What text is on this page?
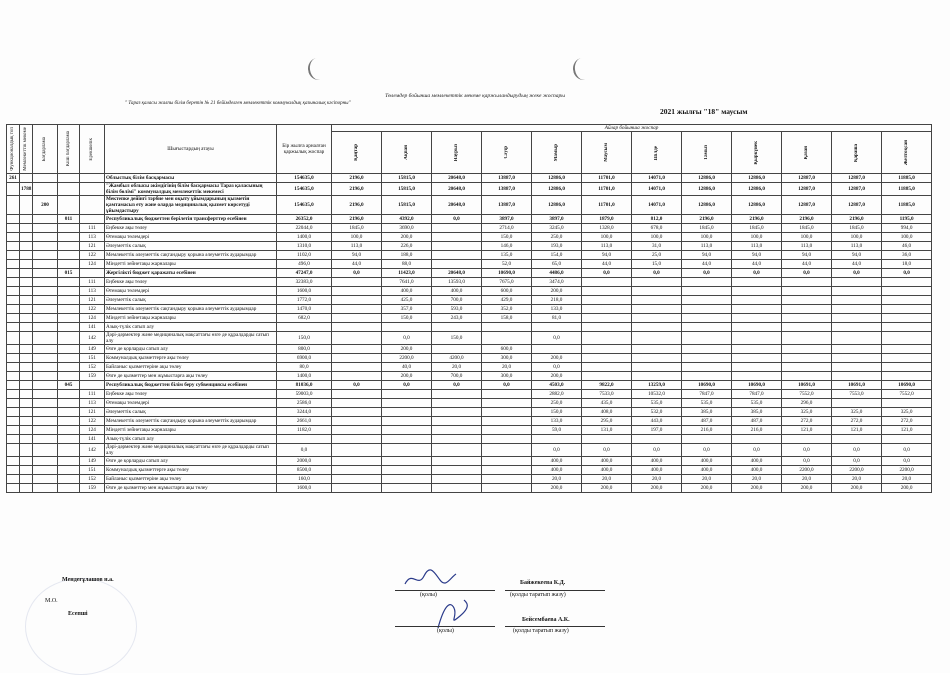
Төлемдер бойынша мемлекеттік мекеме қаржыландырудың жеке жоспары
" Тарaз қаласы жалпы білім беретін № 21 бейімделген мемлекеттік коммуналдық қазыналық кәсіпорны"
2021 жылғы "18" маусым
Функционалдық топ	Мемлекеттік мекеме	Бағдарлама	Кіші бағдарлама	Ерекшелік	Шығыстардың атауы	Бір жылға арналған қаржылық жоспар	Айлар бойынша жоспар											

							Қаңтар	Ақпан	Наурыз	Сәуір	Мамыр	Маусым	Шілде	Тамыз	Қыркүйек	Қазан	Қараша	Желтоқсан

261					Облыстық білім басқармасы	154635,0	2196,0	15815,0	20648,0	13887,0	12886,0	11701,0	14071,0	12886,0	12886,0	12887,0	12887,0	11885,0
	1788				"Жамбыл облысы әкімдігінің білім басқармасы Тараз қаласының білім бөлімі" коммуналдық мемлекеттік мекемесі	154635,0	2196,0	15815,0	20648,0	13887,0	12886,0	11701,0	14071,0	12886,0	12886,0	12887,0	12887,0	11885,0
		200			Мектепке дейінгі тәрбие мен оқыту ұйымдарының қызметін қамтамасыз ету және оларда медициналық қызмет көрсетуді ұйымдастыру	154635,0	2196,0	15815,0	20648,0	13887,0	12886,0	11701,0	14071,0	12886,0	12886,0	12887,0	12887,0	11885,0
			011		Республикалық бюджеттен берілетін трансферттер есебінен	26352,0	2196,0	4392,0	0,0	3897,0	3897,0	1879,0	812,0	2196,0	2196,0	2196,0	2196,0	1195,0
				111	Еңбекке ақы төлеу	22044,0	1845,0	3690,0		2714,0	3245,0	1328,0	678,0	1845,0	1845,0	1845,0	1845,0	994,0
				113	Өтемақы төлемдері	1400,0	100,0	200,0		150,0	250,0	100,0	100,0	100,0	100,0	100,0	100,0	100,0
				121	Әлеуметтік салық	1310,0	113,0	226,0		146,0	193,0	113,0	31,0	113,0	113,0	113,0	113,0	46,0
				122	Мемлекеттік әлеуметтік сақтандыру қорына әлеуметтік аударымдар	1102,0	94,0	188,0		135,0	154,0	94,0	25,0	94,0	94,0	94,0	94,0	36,0
				124	Міндетті зейнетақы жарналары	496,0	44,0	88,0		52,0	65,0	44,0	15,0	44,0	44,0	44,0	44,0	18,0
			015		Жергілікті бюджет қаражаты есебінен	47247,0	0,0	11423,0	20648,0	10690,0	4486,0	0,0	0,0	0,0	0,0	0,0	0,0	0,0
				111	Еңбекке ақы төлеу	32383,0		7641,0	13593,0	7675,0	3474,0							
				113	Өтемақы төлемдері	1600,0		400,0	400,0	600,0	200,0							
				121	Әлеуметтік салық	1772,0		425,0	700,0	429,0	218,0							
				122	Мемлекеттік әлеуметтік сақтандыру қорына әлеуметтік аударымдар	1470,0		357,0	593,0	352,0	133,0							
				124	Міндетті зейнетақы жарналары	682,0		150,0	243,0	158,0	81,0							
				141	Азық-түлік сатып алу													
				142	Дәрі-дәрмектер және медициналық мақсаттағы өзге де құралдарды сатып алу	150,0		0,0	150,0		0,0							
				149	Өзге де қорларды сатып алу	800,0		200,0		600,0								
				151	Коммуналдық қызметтерге ақы төлеу	6900,0		2200,0	4200,0	300,0	200,0							
				152	Байланыс қызметтеріне ақы төлеу	80,0		40,0	20,0	20,0	0,0							
				159	Өзге де қызметтер мен жұмыстарға ақы төлеу	1400,0		200,0	700,0	300,0	200,0							
			045		Республикалық бюджеттен білім беру субвенциясы есебінен	81036,0	0,0	0,0	0,0	0,0	4503,0	9822,0	13259,0	10690,0	10690,0	10691,0	10691,0	10690,0
				111	Еңбекке ақы төлеу	59003,0					2882,0	7533,0	10532,0	7847,0	7847,0	7552,0	7553,0	7552,0
				113	Өтемақы төлемдері	2586,0					250,0	435,0	535,0	535,0	535,0	296,0		
				121	Әлеуметтік салық	3244,0					150,0	408,0	532,0	385,0	385,0	325,0	325,0	325,0
				122	Мемлекеттік әлеуметтік сақтандыру қорына әлеуметтік аударымдар	2661,0					133,0	295,0	443,0	487,0	487,0	272,0	272,0	272,0
				124	Міндетті зейнетақы жарналары	1182,0					59,0	131,0	197,0	216,0	216,0	121,0	121,0	121,0
				141	Азық-түлік сатып алу													
				142	Дәрі-дәрмектер және медициналық мақсаттағы өзге де құралдарды сатып алу	0,0					0,0	0,0	0,0	0,0	0,0	0,0	0,0	0,0
				149	Өзге де қорларды сатып алу	2000,0					400,0	400,0	400,0	400,0	400,0	0,0	0,0	0,0
				151	Коммуналдық қызметтерге ақы төлеу	8500,0					400,0	400,0	400,0	400,0	400,0	2200,0	2200,0	2200,0
				152	Байланыс қызметтеріне ақы төлеу	160,0					20,0	20,0	20,0	20,0	20,0	20,0	20,0	20,0
				159	Өзге де қызметтер мен жұмыстарға ақы төлеу	1600,0					200,0	200,0	200,0	200,0	200,0	200,0	200,0	200,0
Мендеғұлашов н.а.
М.О.
Есепші
Байжекеева К.Д.
(қолы)	(қолды таратып жазу)
Бейсембаева А.К.
(қолы)	(қолды таратып жазу)
